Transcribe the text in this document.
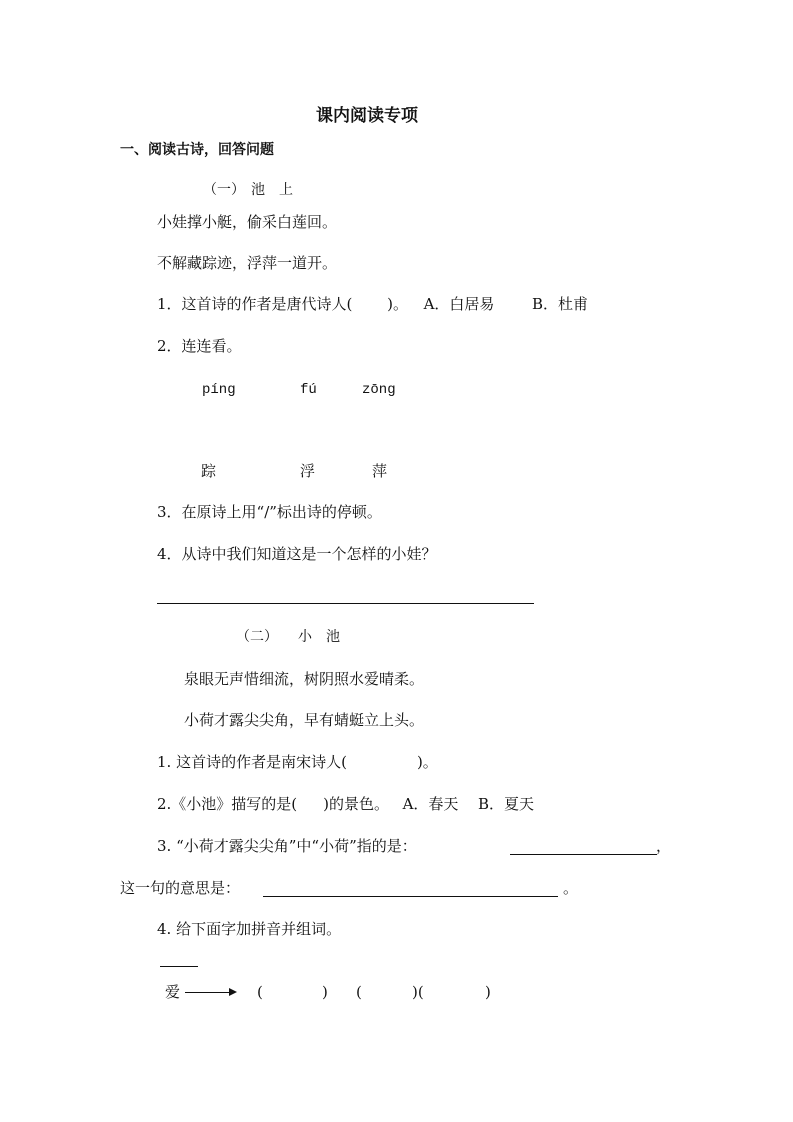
课内阅读专项
一、阅读古诗，回答问题
（一） 池　上
小娃撑小艇，偷采白莲回。
不解藏踪迹，浮萍一道开。
1．这首诗的作者是唐代诗人(　　 )。 A．白居易	B．杜甫
2．连连看。
píng	fú	zōng
踪	浮	萍
3．在原诗上用“/”标出诗的停顿。
4．从诗中我们知道这是一个怎样的小娃？
（二） 小　池
泉眼无声惜细流，树阴照水爱晴柔。
小荷才露尖尖角，早有蜻蜓立上头。
1. 这首诗的作者是南宋诗人(	)。
2.《小池》描写的是( )的景色。 A．春天 B．夏天
3. “小荷才露尖尖角”中“小荷”指的是：	，
这一句的意思是：	。
4. 给下面字加拼音并组词。
爱	(	) (	)(	)
